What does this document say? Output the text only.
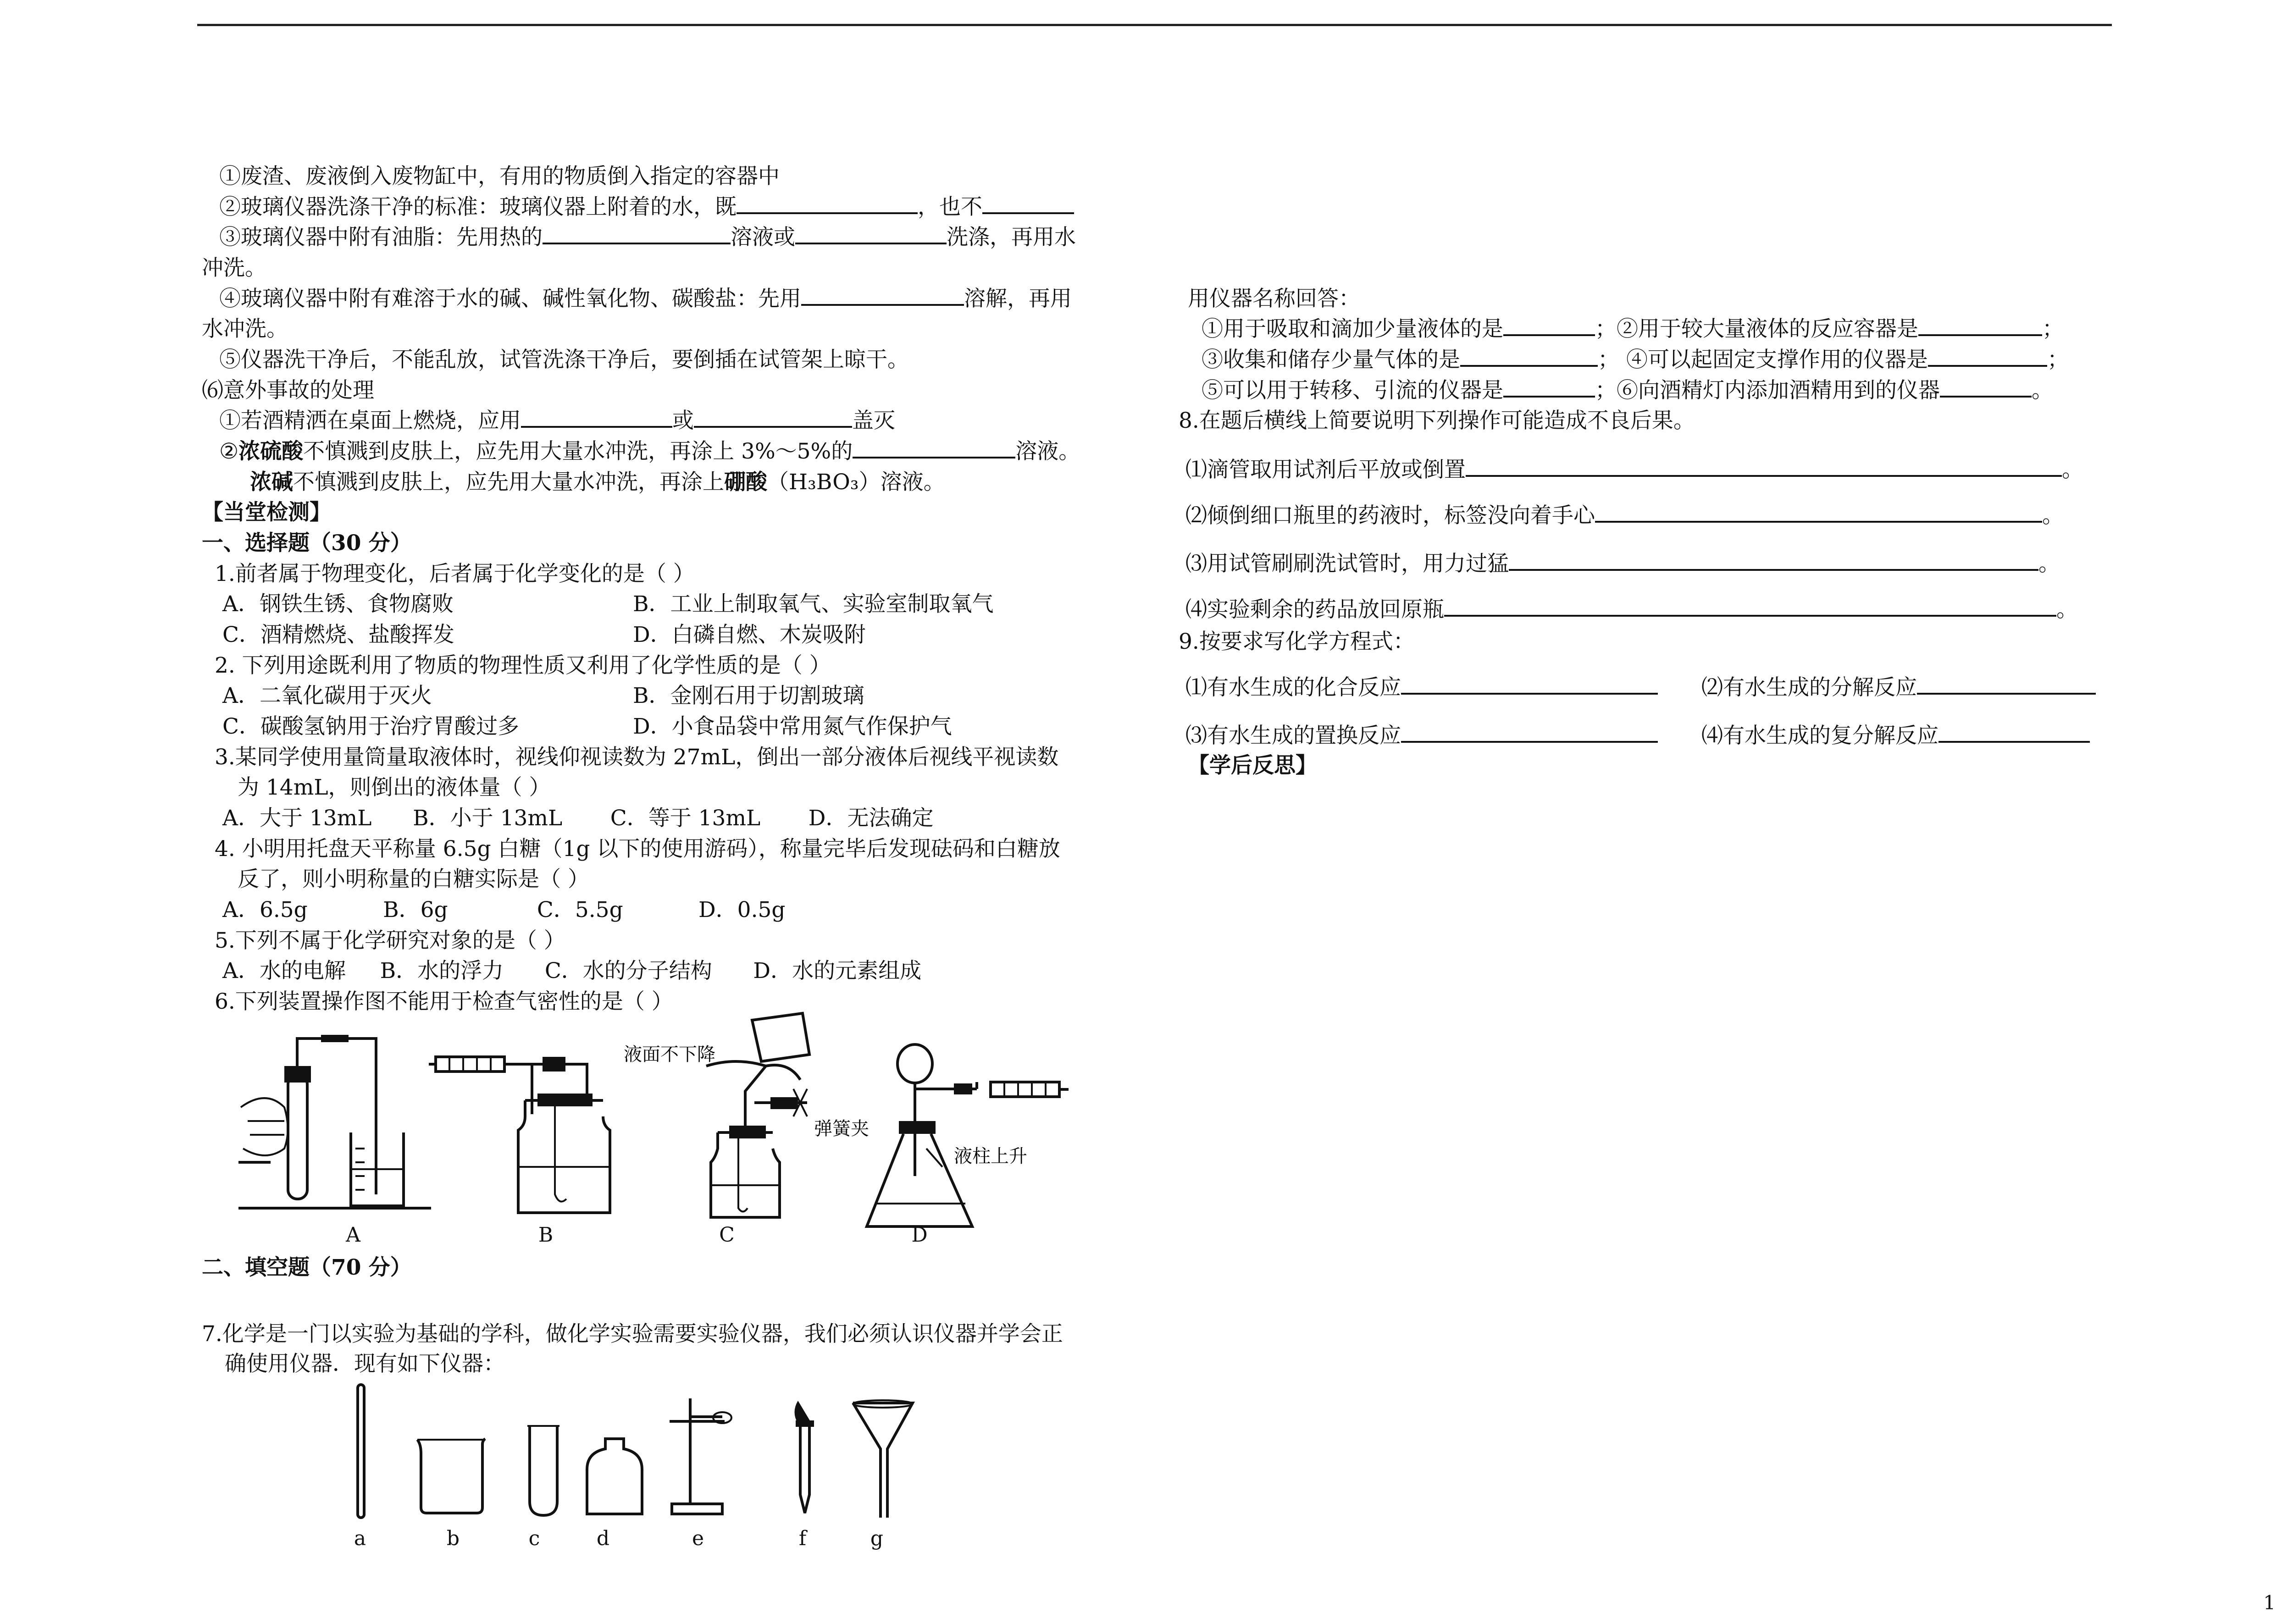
①废渣、废液倒入废物缸中，有用的物质倒入指定的容器中
②玻璃仪器洗涤干净的标准：玻璃仪器上附着的水，既	，也不
③玻璃仪器中附有油脂：先用热的	溶液或	洗涤，再用水
冲洗。
④玻璃仪器中附有难溶于水的碱、碱性氧化物、碳酸盐：先用	溶解，再用
水冲洗。
⑤仪器洗干净后，不能乱放，试管洗涤干净后，要倒插在试管架上晾干。
⑹意外事故的处理
①若酒精洒在桌面上燃烧，应用	或	盖灭
②浓硫酸不慎溅到皮肤上，应先用大量水冲洗，再涂上 3%～5%的	溶液。
浓碱不慎溅到皮肤上，应先用大量水冲洗，再涂上硼酸（H₃BO₃）溶液。
【当堂检测】
一、选择题（30 分）
1.前者属于物理变化，后者属于化学变化的是（ ）
A．钢铁生锈、食物腐败	B．工业上制取氧气、实验室制取氧气
C．酒精燃烧、盐酸挥发	D．白磷自燃、木炭吸附
2. 下列用途既利用了物质的物理性质又利用了化学性质的是（ ）
A．二氧化碳用于灭火	B．金刚石用于切割玻璃
C．碳酸氢钠用于治疗胃酸过多	D．小食品袋中常用氮气作保护气
3.某同学使用量筒量取液体时，视线仰视读数为 27mL，倒出一部分液体后视线平视读数
为 14mL，则倒出的液体量（ ）
A．大于 13mL      B．小于 13mL       C．等于 13mL       D．无法确定
4. 小明用托盘天平称量 6.5g 白糖（1g 以下的使用游码），称量完毕后发现砝码和白糖放
反了，则小明称量的白糖实际是（ ）
A．6.5g           B．6g             C．5.5g           D．0.5g
5.下列不属于化学研究对象的是（ ）
A．水的电解     B．水的浮力      C．水的分子结构      D．水的元素组成
6.下列装置操作图不能用于检查气密性的是（ ）
液面不下降
弹簧夹
液柱上升
A	B	C	D
二、填空题（70 分）
7.化学是一门以实验为基础的学科，做化学实验需要实验仪器，我们必须认识仪器并学会正
确使用仪器．现有如下仪器：
a	b	c	d	e	f	g
用仪器名称回答：
①用于吸取和滴加少量液体的是	；②用于较大量液体的反应容器是	；
③收集和储存少量气体的是	； ④可以起固定支撑作用的仪器是	；
⑤可以用于转移、引流的仪器是	；⑥向酒精灯内添加酒精用到的仪器	。
8.在题后横线上简要说明下列操作可能造成不良后果。
⑴滴管取用试剂后平放或倒置	。
⑵倾倒细口瓶里的药液时，标签没向着手心	。
⑶用试管刷刷洗试管时，用力过猛	。
⑷实验剩余的药品放回原瓶	。
9.按要求写化学方程式：
⑴有水生成的化合反应	⑵有水生成的分解反应
⑶有水生成的置换反应	⑷有水生成的复分解反应
【学后反思】
1
